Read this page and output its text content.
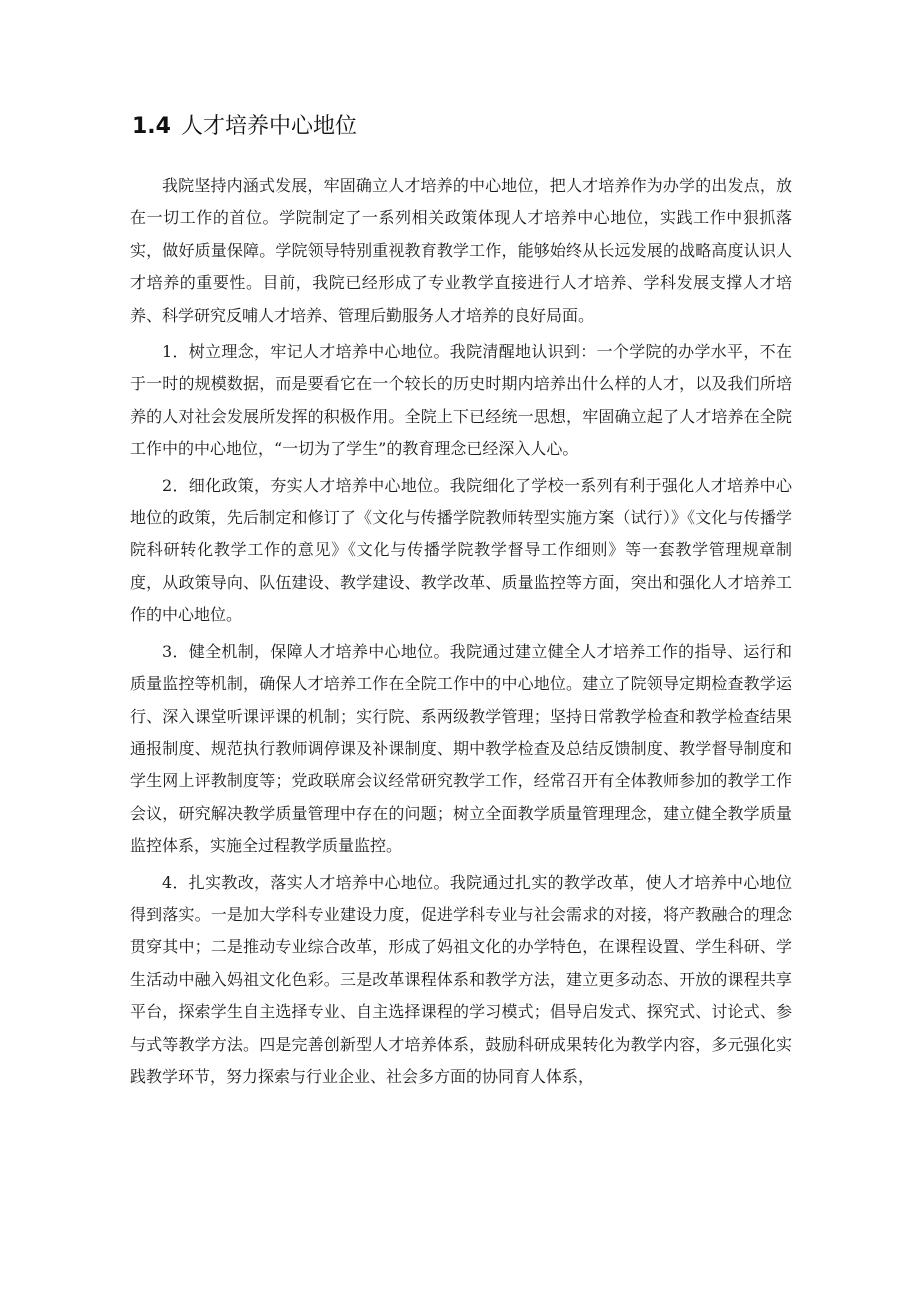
1.4 人才培养中心地位

我院坚持内涵式发展，牢固确立人才培养的中心地位，把人才培养作为办学的出发点，放在一切工作的首位。学院制定了一系列相关政策体现人才培养中心地位，实践工作中狠抓落实，做好质量保障。学院领导特别重视教育教学工作，能够始终从长远发展的战略高度认识人才培养的重要性。目前，我院已经形成了专业教学直接进行人才培养、学科发展支撑人才培养、科学研究反哺人才培养、管理后勤服务人才培养的良好局面。

1．树立理念，牢记人才培养中心地位。我院清醒地认识到：一个学院的办学水平，不在于一时的规模数据，而是要看它在一个较长的历史时期内培养出什么样的人才，以及我们所培养的人对社会发展所发挥的积极作用。全院上下已经统一思想，牢固确立起了人才培养在全院工作中的中心地位，“一切为了学生”的教育理念已经深入人心。

2．细化政策，夯实人才培养中心地位。我院细化了学校一系列有利于强化人才培养中心地位的政策，先后制定和修订了《文化与传播学院教师转型实施方案（试行）》《文化与传播学院科研转化教学工作的意见》《文化与传播学院教学督导工作细则》等一套教学管理规章制度，从政策导向、队伍建设、教学建设、教学改革、质量监控等方面，突出和强化人才培养工作的中心地位。

3．健全机制，保障人才培养中心地位。我院通过建立健全人才培养工作的指导、运行和质量监控等机制，确保人才培养工作在全院工作中的中心地位。建立了院领导定期检查教学运行、深入课堂听课评课的机制；实行院、系两级教学管理；坚持日常教学检查和教学检查结果通报制度、规范执行教师调停课及补课制度、期中教学检查及总结反馈制度、教学督导制度和学生网上评教制度等；党政联席会议经常研究教学工作，经常召开有全体教师参加的教学工作会议，研究解决教学质量管理中存在的问题；树立全面教学质量管理理念，建立健全教学质量监控体系，实施全过程教学质量监控。

4．扎实教改，落实人才培养中心地位。我院通过扎实的教学改革，使人才培养中心地位得到落实。一是加大学科专业建设力度，促进学科专业与社会需求的对接，将产教融合的理念贯穿其中；二是推动专业综合改革，形成了妈祖文化的办学特色，在课程设置、学生科研、学生活动中融入妈祖文化色彩。三是改革课程体系和教学方法，建立更多动态、开放的课程共享平台，探索学生自主选择专业、自主选择课程的学习模式；倡导启发式、探究式、讨论式、参与式等教学方法。四是完善创新型人才培养体系，鼓励科研成果转化为教学内容，多元强化实践教学环节，努力探索与行业企业、社会多方面的协同育人体系，
